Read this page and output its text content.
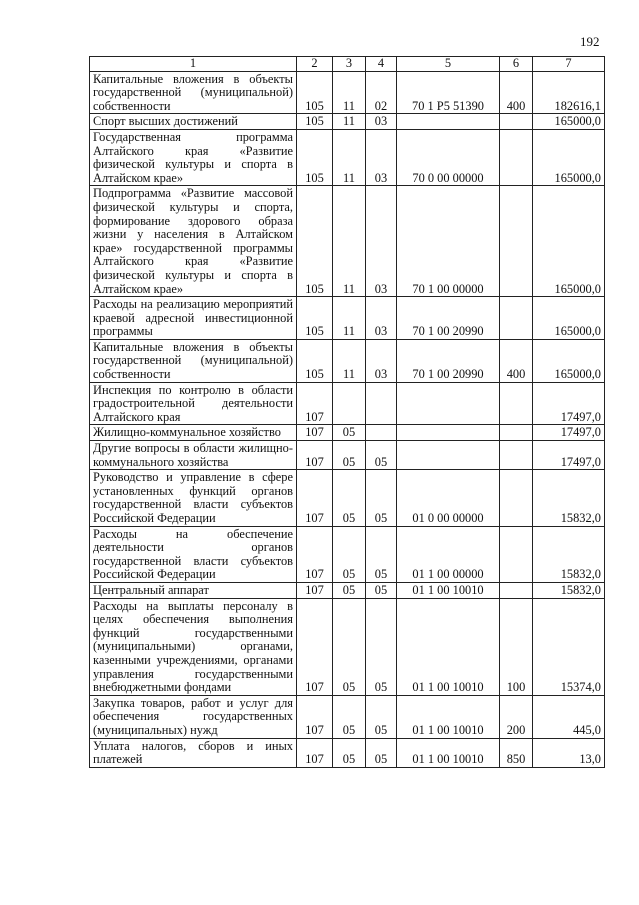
192
1	2	3	4	5	6	7
Капитальные вложения в объекты государственной (муниципальной) собственности	105	11	02	70 1 P5 51390	400	182616,1
Спорт высших достижений	105	11	03			165000,0
Государственная программа Алтайского края «Развитие физической культуры и спорта в Алтайском крае»	105	11	03	70 0 00 00000		165000,0
Подпрограмма «Развитие массовой физической культуры и спорта, формирование здорового образа жизни у населения в Алтайском крае» государственной программы Алтайского края «Развитие физической культуры и спорта в Алтайском крае»	105	11	03	70 1 00 00000		165000,0
Расходы на реализацию мероприятий краевой адресной инвестиционной программы	105	11	03	70 1 00 20990		165000,0
Капитальные вложения в объекты государственной (муниципальной) собственности	105	11	03	70 1 00 20990	400	165000,0
Инспекция по контролю в области градостроительной деятельности Алтайского края	107					17497,0
Жилищно-коммунальное хозяйство	107	05				17497,0
Другие вопросы в области жилищно-коммунального хозяйства	107	05	05			17497,0
Руководство и управление в сфере установленных функций органов государственной власти субъектов Российской Федерации	107	05	05	01 0 00 00000		15832,0
Расходы на обеспечение деятельности органов государственной власти субъектов Российской Федерации	107	05	05	01 1 00 00000		15832,0
Центральный аппарат	107	05	05	01 1 00 10010		15832,0
Расходы на выплаты персоналу в целях обеспечения выполнения функций государственными (муниципальными) органами, казенными учреждениями, органами управления государственными внебюджетными фондами	107	05	05	01 1 00 10010	100	15374,0
Закупка товаров, работ и услуг для обеспечения государственных (муниципальных) нужд	107	05	05	01 1 00 10010	200	445,0
Уплата налогов, сборов и иных платежей	107	05	05	01 1 00 10010	850	13,0
